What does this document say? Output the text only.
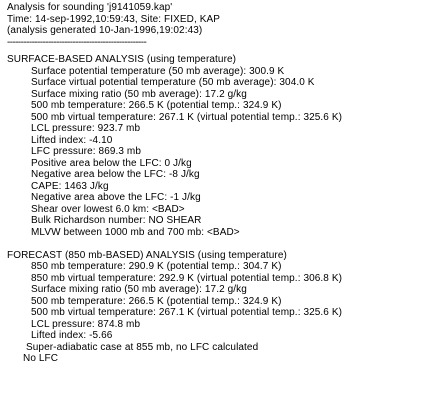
Analysis for sounding 'j9141059.kap'
Time: 14-sep-1992,10:59:43, Site: FIXED, KAP
(analysis generated 10-Jan-1996,19:02:43)
---------------------------------------------------
SURFACE-BASED ANALYSIS (using temperature)
Surface potential temperature (50 mb average): 300.9 K
Surface virtual potential temperature (50 mb average): 304.0 K
Surface mixing ratio (50 mb average): 17.2 g/kg
500 mb temperature: 266.5 K (potential temp.: 324.9 K)
500 mb virtual temperature: 267.1 K (virtual potential temp.: 325.6 K)
LCL pressure: 923.7 mb
Lifted index: -4.10
LFC pressure: 869.3 mb
Positive area below the LFC: 0 J/kg
Negative area below the LFC: -8 J/kg
CAPE: 1463 J/kg
Negative area above the LFC: -1 J/kg
Shear over lowest 6.0 km: <BAD>
Bulk Richardson number: NO SHEAR
MLVW between 1000 mb and 700 mb: <BAD>
FORECAST (850 mb-BASED) ANALYSIS (using temperature)
850 mb temperature: 290.9 K (potential temp.: 304.7 K)
850 mb virtual temperature: 292.9 K (virtual potential temp.: 306.8 K)
Surface mixing ratio (50 mb average): 17.2 g/kg
500 mb temperature: 266.5 K (potential temp.: 324.9 K)
500 mb virtual temperature: 267.1 K (virtual potential temp.: 325.6 K)
LCL pressure: 874.8 mb
Lifted index: -5.66
Super-adiabatic case at 855 mb, no LFC calculated
No LFC
